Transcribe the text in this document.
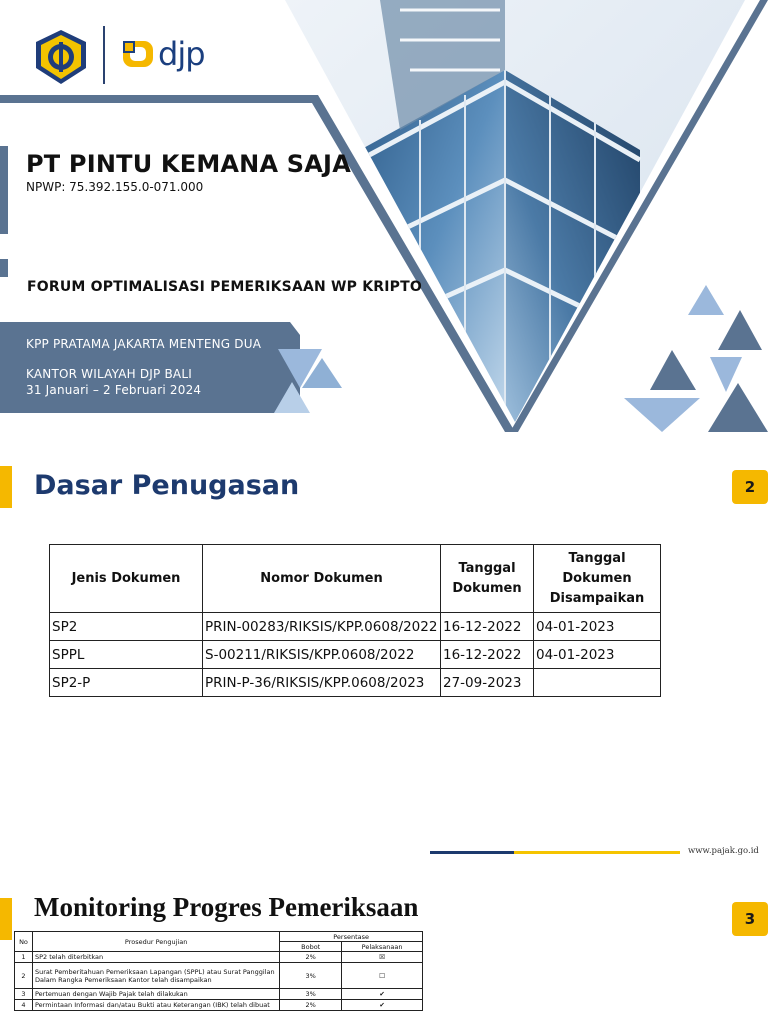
djp
PT PINTU KEMANA SAJA
NPWP: 75.392.155.0-071.000
FORUM OPTIMALISASI PEMERIKSAAN WP KRIPTO
KPP PRATAMA JAKARTA MENTENG DUA
KANTOR WILAYAH DJP BALI
31 Januari – 2 Februari 2024
Dasar Penugasan	2
Jenis Dokumen	Nomor Dokumen	Tanggal Dokumen	Tanggal Dokumen Disampaikan
SP2	PRIN-00283/RIKSIS/KPP.0608/2022	16-12-2022	04-01-2023
SPPL	S-00211/RIKSIS/KPP.0608/2022	16-12-2022	04-01-2023
SP2-P	PRIN-P-36/RIKSIS/KPP.0608/2023	27-09-2023	
www.pajak.go.id
Monitoring Progres Pemeriksaan	3
No	Prosedur Pengujian	Persentase	
		Bobot	Pelaksanaan
1	SP2 telah diterbitkan	2%	☒
2	Surat Pemberitahuan Pemeriksaan Lapangan (SPPL) atau Surat Panggilan Dalam Rangka Pemeriksaan Kantor telah disampaikan	3%	☐
3	Pertemuan dengan Wajib Pajak telah dilakukan	3%	✔
4	Permintaan Informasi dan/atau Bukti atau Keterangan (IBK) telah dibuat	2%	✔
